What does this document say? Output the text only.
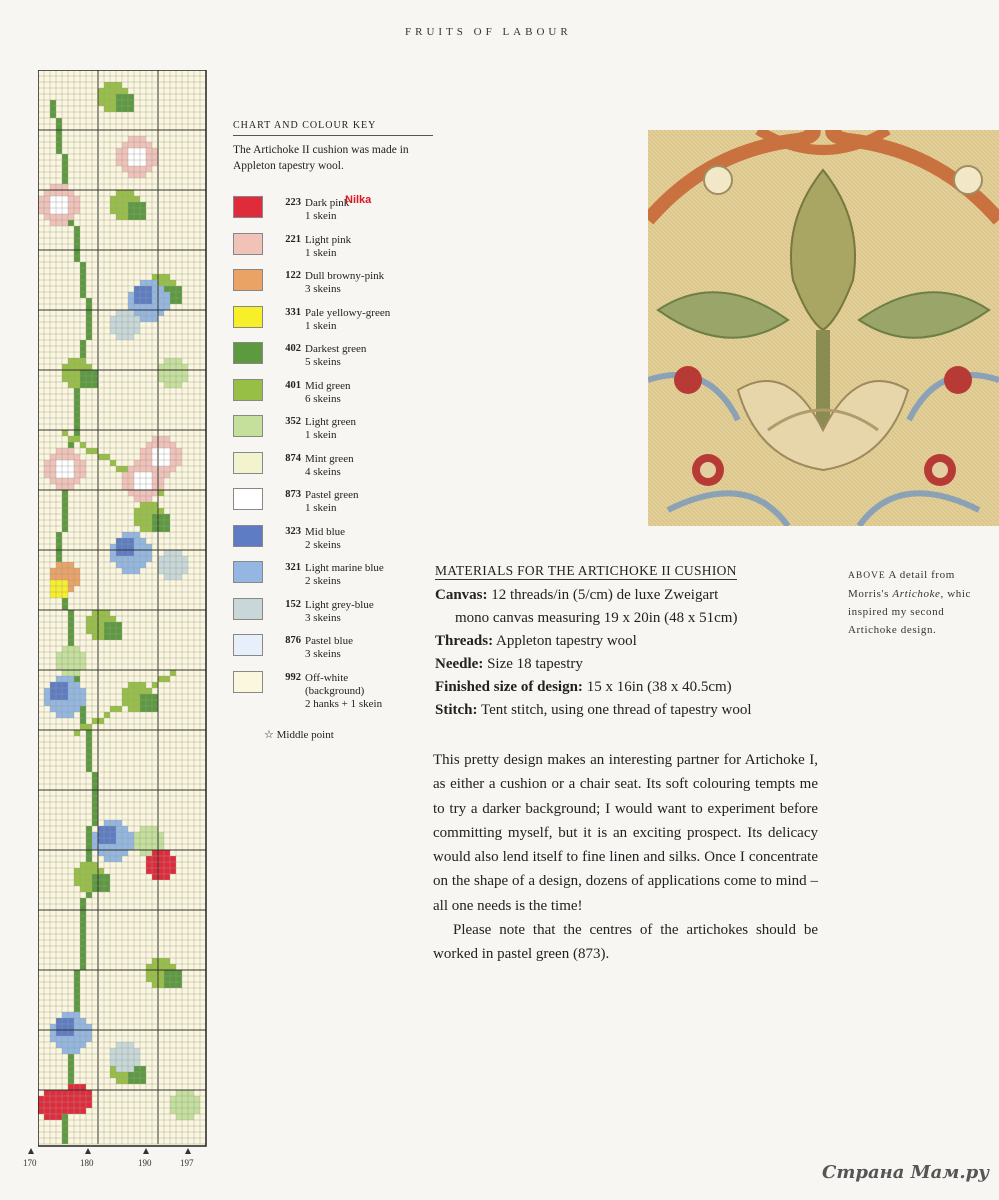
FRUITS OF LABOUR
170	180	190	197
CHART AND COLOUR KEY
The Artichoke II cushion was made in Appleton tapestry wool.
223 Dark pink
1 skein
221 Light pink
1 skein
122 Dull browny-pink
3 skeins
331 Pale yellowy-green
1 skein
402 Darkest green
5 skeins
401 Mid green
6 skeins
352 Light green
1 skein
874 Mint green
4 skeins
873 Pastel green
1 skein
323 Mid blue
2 skeins
321 Light marine blue
2 skeins
152 Light grey-blue
3 skeins
876 Pastel blue
3 skeins
992 Off-white
(background)
2 hanks + 1 skein
Nilka
☆ Middle point
ABOVE A detail from
Morris's Artichoke, whic
inspired my second
Artichoke design.
MATERIALS FOR THE ARTICHOKE II CUSHION
Canvas: 12 threads/in (5/cm) de luxe Zweigart
mono canvas measuring 19 x 20in (48 x 51cm)
Threads: Appleton tapestry wool
Needle: Size 18 tapestry
Finished size of design: 15 x 16in (38 x 40.5cm)
Stitch: Tent stitch, using one thread of tapestry wool

This pretty design makes an interesting partner for Artichoke I, as either a cushion or a chair seat. Its soft colouring tempts me to try a darker background; I would want to experiment before committing myself, but it is an exciting prospect. Its delicacy would also lend itself to fine linen and silks. Once I concentrate on the shape of a design, dozens of applications come to mind – all one needs is the time!

Please note that the centres of the artichokes should be worked in pastel green (873).

Страна Мам.ру
